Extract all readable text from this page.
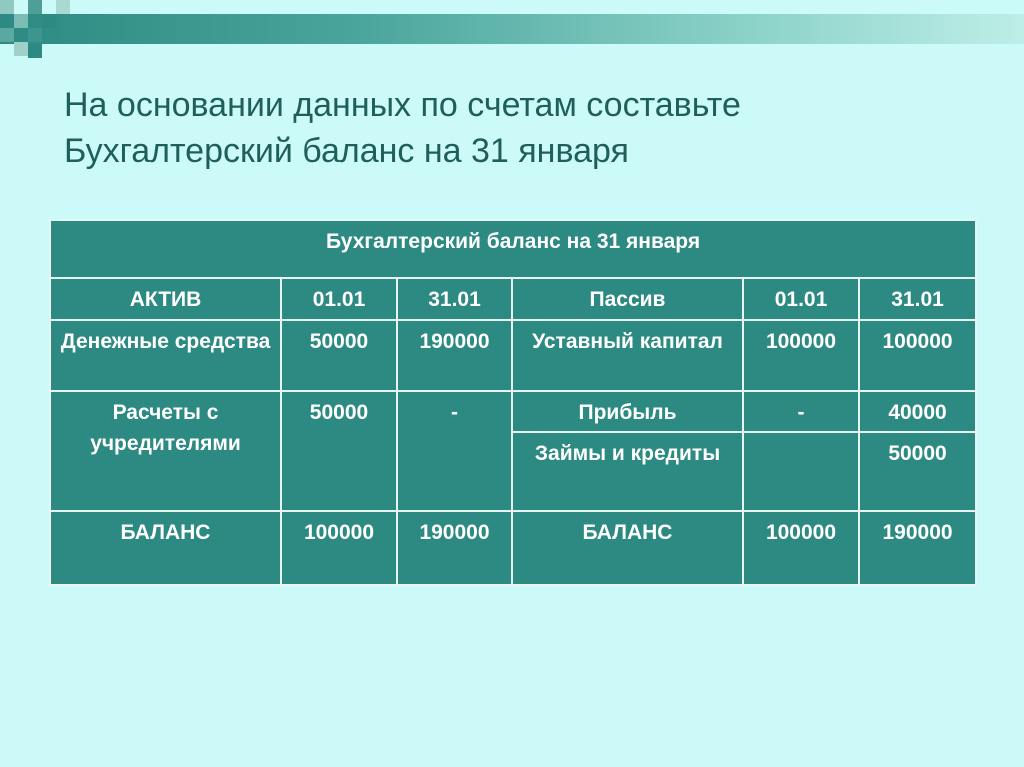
На основании данных по счетам составьте
Бухгалтерский баланс на 31 января
Бухгалтерский баланс на 31 января					
АКТИВ	01.01	31.01	Пассив	01.01	31.01
Денежные средства	50000	190000	Уставный капитал	100000	100000
Расчеты с учредителями	50000	-	Прибыль	-	40000
			Займы и кредиты		50000
БАЛАНС	100000	190000	БАЛАНС	100000	190000
